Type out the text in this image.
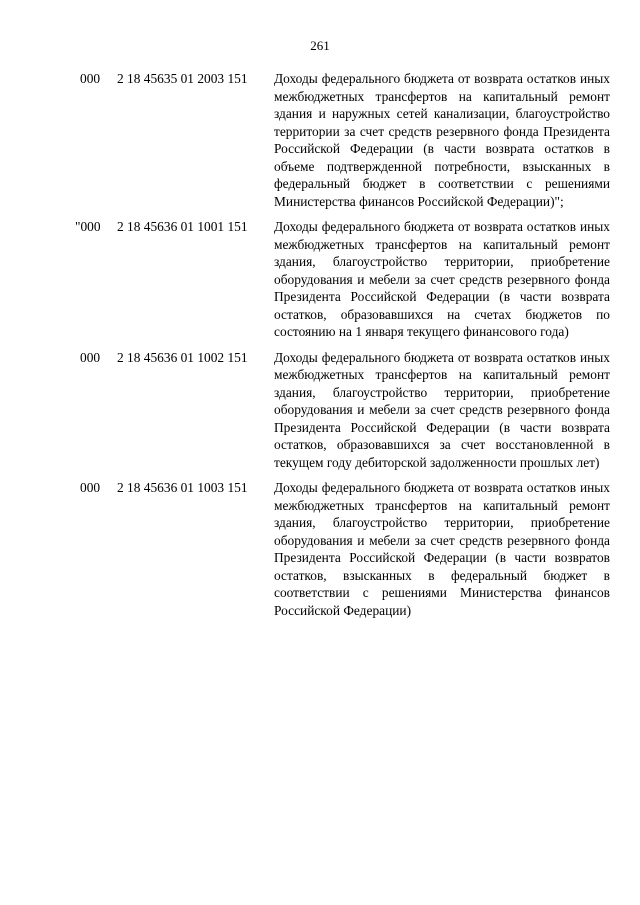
261
000 2 18 45635 01 2003 151 Доходы федерального бюджета от возврата остатков иных межбюджетных трансфертов на капитальный ремонт здания и наружных сетей канализации, благоустройство территории за счет средств резервного фонда Президента Российской Федерации (в части возврата остатков в объеме подтвержденной потребности, взысканных в федеральный бюджет в соответствии с решениями Министерства финансов Российской Федерации)";
"000 2 18 45636 01 1001 151 Доходы федерального бюджета от возврата остатков иных межбюджетных трансфертов на капитальный ремонт здания, благоустройство территории, приобретение оборудования и мебели за счет средств резервного фонда Президента Российской Федерации (в части возврата остатков, образовавшихся на счетах бюджетов по состоянию на 1 января текущего финансового года)
000 2 18 45636 01 1002 151 Доходы федерального бюджета от возврата остатков иных межбюджетных трансфертов на капитальный ремонт здания, благоустройство территории, приобретение оборудования и мебели за счет средств резервного фонда Президента Российской Федерации (в части возврата остатков, образовавшихся за счет восстановленной в текущем году дебиторской задолженности прошлых лет)
000 2 18 45636 01 1003 151 Доходы федерального бюджета от возврата остатков иных межбюджетных трансфертов на капитальный ремонт здания, благоустройство территории, приобретение оборудования и мебели за счет средств резервного фонда Президента Российской Федерации (в части возвратов остатков, взысканных в федеральный бюджет в соответствии с решениями Министерства финансов Российской Федерации)
